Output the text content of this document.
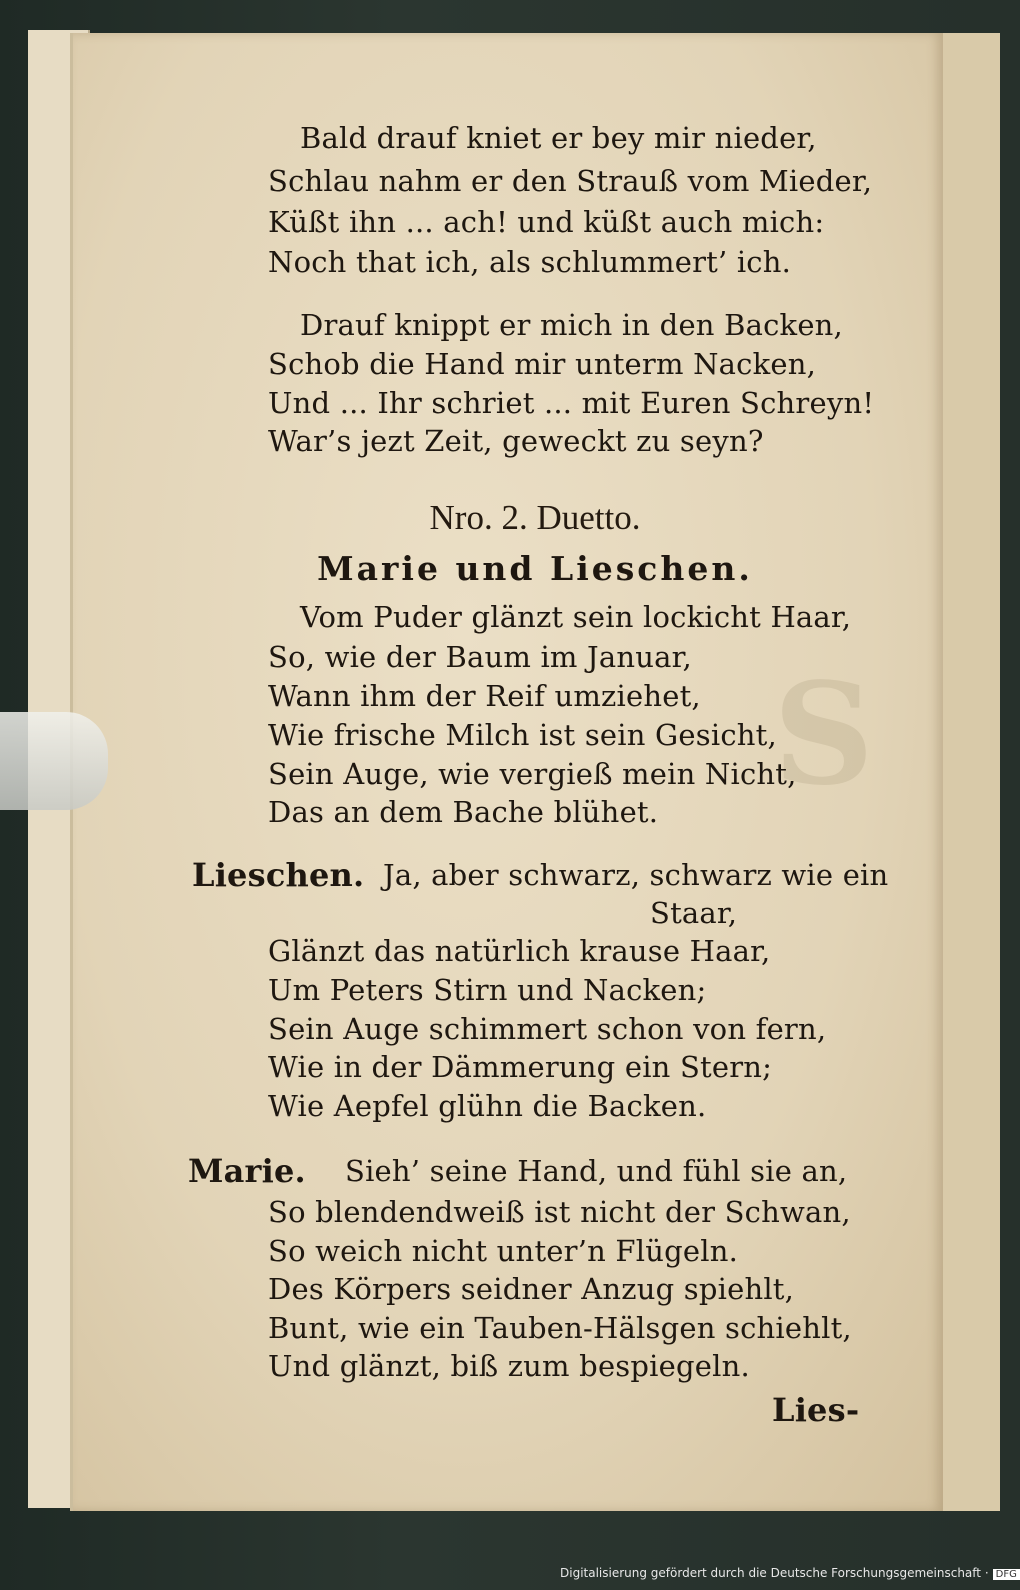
S
Bald drauf kniet er bey mir nieder,
Schlau nahm er den Strauß vom Mieder,
Küßt ihn ... ach! und küßt auch mich:
Noch that ich, als schlummert’ ich.
Drauf knippt er mich in den Backen,
Schob die Hand mir unterm Nacken,
Und ... Ihr schriet ... mit Euren Schreyn!
War’s jezt Zeit, geweckt zu seyn?
Nro. 2. Duetto.
Marie und Lieschen.
Vom Puder glänzt sein lockicht Haar,
So, wie der Baum im Januar,
Wann ihm der Reif umziehet,
Wie frische Milch ist sein Gesicht,
Sein Auge, wie vergieß mein Nicht,
Das an dem Bache blühet.
Lieschen. Ja, aber schwarz, schwarz wie ein
Staar,
Glänzt das natürlich krause Haar,
Um Peters Stirn und Nacken;
Sein Auge schimmert schon von fern,
Wie in der Dämmerung ein Stern;
Wie Aepfel glühn die Backen.
Marie. Sieh’ seine Hand, und fühl sie an,
So blendendweiß ist nicht der Schwan,
So weich nicht unter’n Flügeln.
Des Körpers seidner Anzug spiehlt,
Bunt, wie ein Tauben-Hälsgen schiehlt,
Und glänzt, biß zum bespiegeln.
Lies-
Digitalisierung gefördert durch die Deutsche Forschungsgemeinschaft · DFG
